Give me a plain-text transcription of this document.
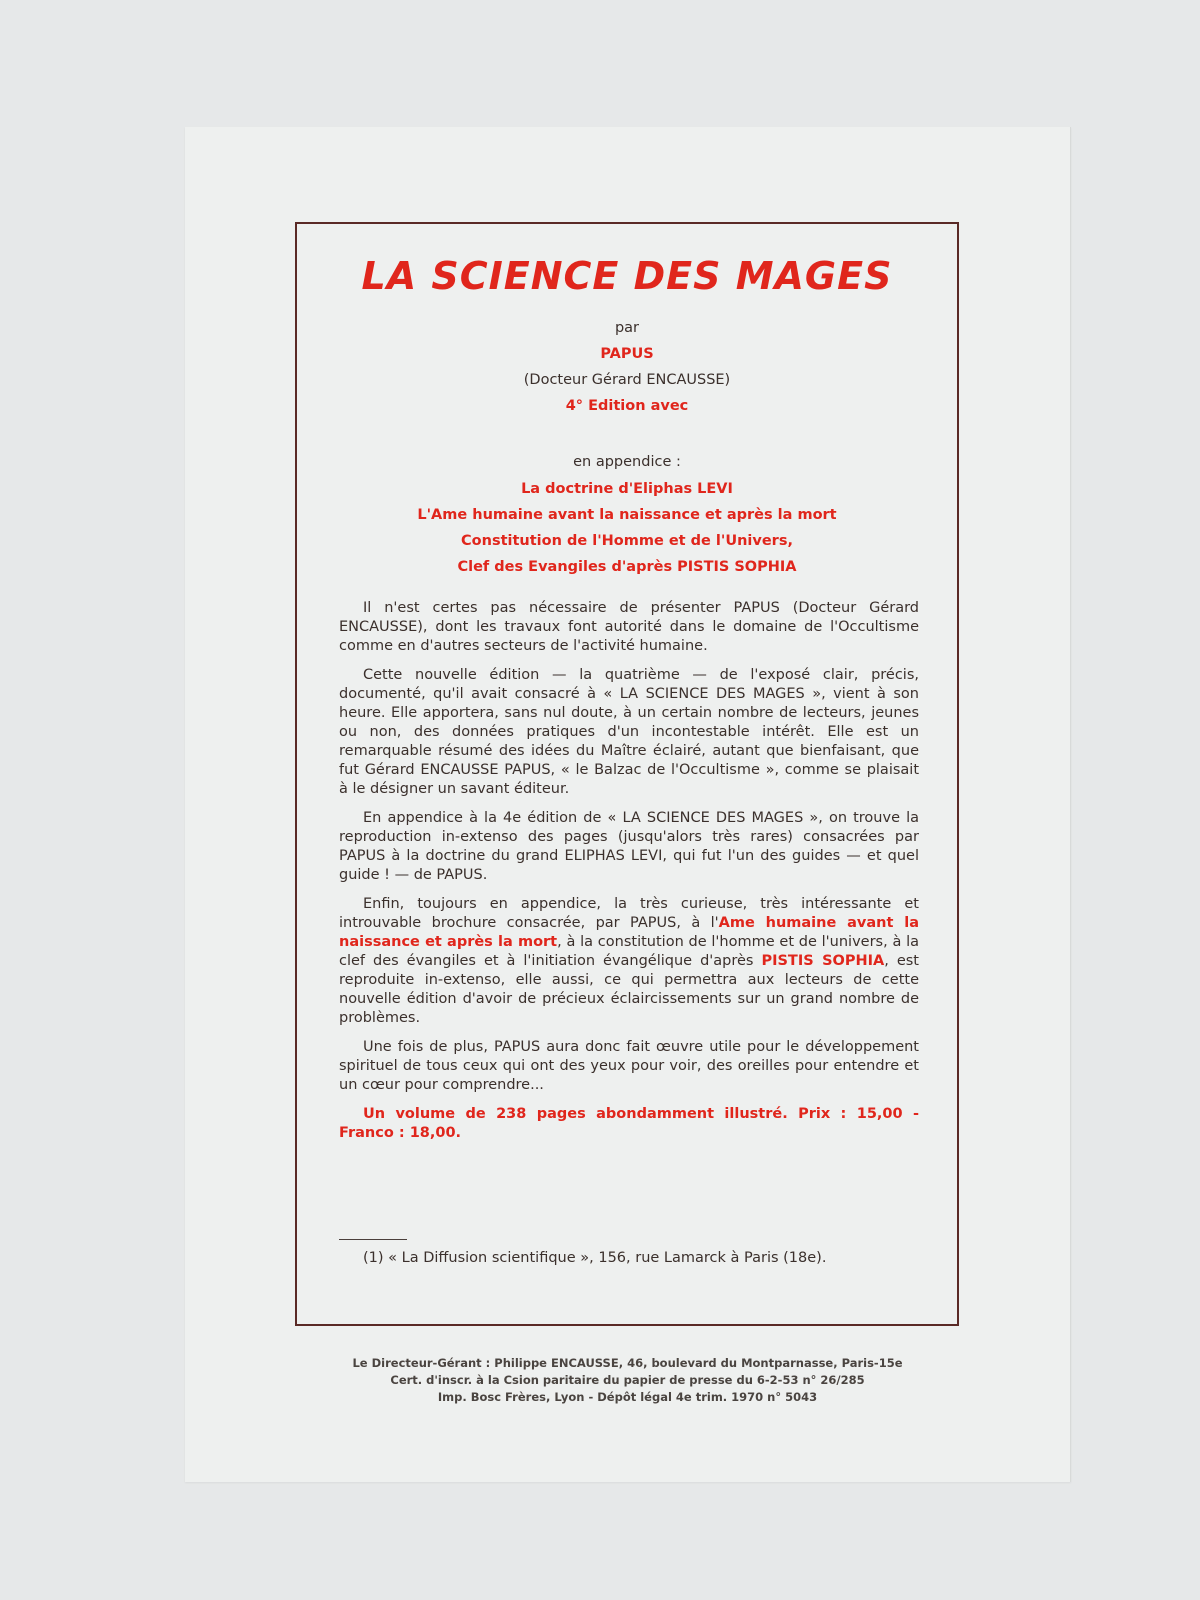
LA SCIENCE DES MAGES
par
PAPUS
(Docteur Gérard ENCAUSSE)
4° Edition avec
en appendice :
La doctrine d'Eliphas LEVI
L'Ame humaine avant la naissance et après la mort
Constitution de l'Homme et de l'Univers,
Clef des Evangiles d'après PISTIS SOPHIA

Il n'est certes pas nécessaire de présenter PAPUS (Docteur Gérard ENCAUSSE), dont les travaux font autorité dans le domaine de l'Occultisme comme en d'autres secteurs de l'activité humaine.

Cette nouvelle édition — la quatrième — de l'exposé clair, précis, documenté, qu'il avait consacré à « LA SCIENCE DES MAGES », vient à son heure. Elle apportera, sans nul doute, à un certain nombre de lecteurs, jeunes ou non, des données pratiques d'un incontestable intérêt. Elle est un remarquable résumé des idées du Maître éclairé, autant que bienfaisant, que fut Gérard ENCAUSSE PAPUS, « le Balzac de l'Occultisme », comme se plaisait à le désigner un savant éditeur.

En appendice à la 4e édition de « LA SCIENCE DES MAGES », on trouve la reproduction in-extenso des pages (jusqu'alors très rares) consacrées par PAPUS à la doctrine du grand ELIPHAS LEVI, qui fut l'un des guides — et quel guide ! — de PAPUS.

Enfin, toujours en appendice, la très curieuse, très intéressante et introuvable brochure consacrée, par PAPUS, à l'Ame humaine avant la naissance et après la mort, à la constitution de l'homme et de l'univers, à la clef des évangiles et à l'initiation évangélique d'après PISTIS SOPHIA, est reproduite in-extenso, elle aussi, ce qui permettra aux lecteurs de cette nouvelle édition d'avoir de précieux éclaircissements sur un grand nombre de problèmes.

Une fois de plus, PAPUS aura donc fait œuvre utile pour le développement spirituel de tous ceux qui ont des yeux pour voir, des oreilles pour entendre et un cœur pour comprendre...

Un volume de 238 pages abondamment illustré. Prix : 15,00 - Franco : 18,00.

(1) « La Diffusion scientifique », 156, rue Lamarck à Paris (18e).
Le Directeur-Gérant : Philippe ENCAUSSE, 46, boulevard du Montparnasse, Paris-15e
Cert. d'inscr. à la Csion paritaire du papier de presse du 6-2-53 n° 26/285
Imp. Bosc Frères, Lyon - Dépôt légal 4e trim. 1970 n° 5043
